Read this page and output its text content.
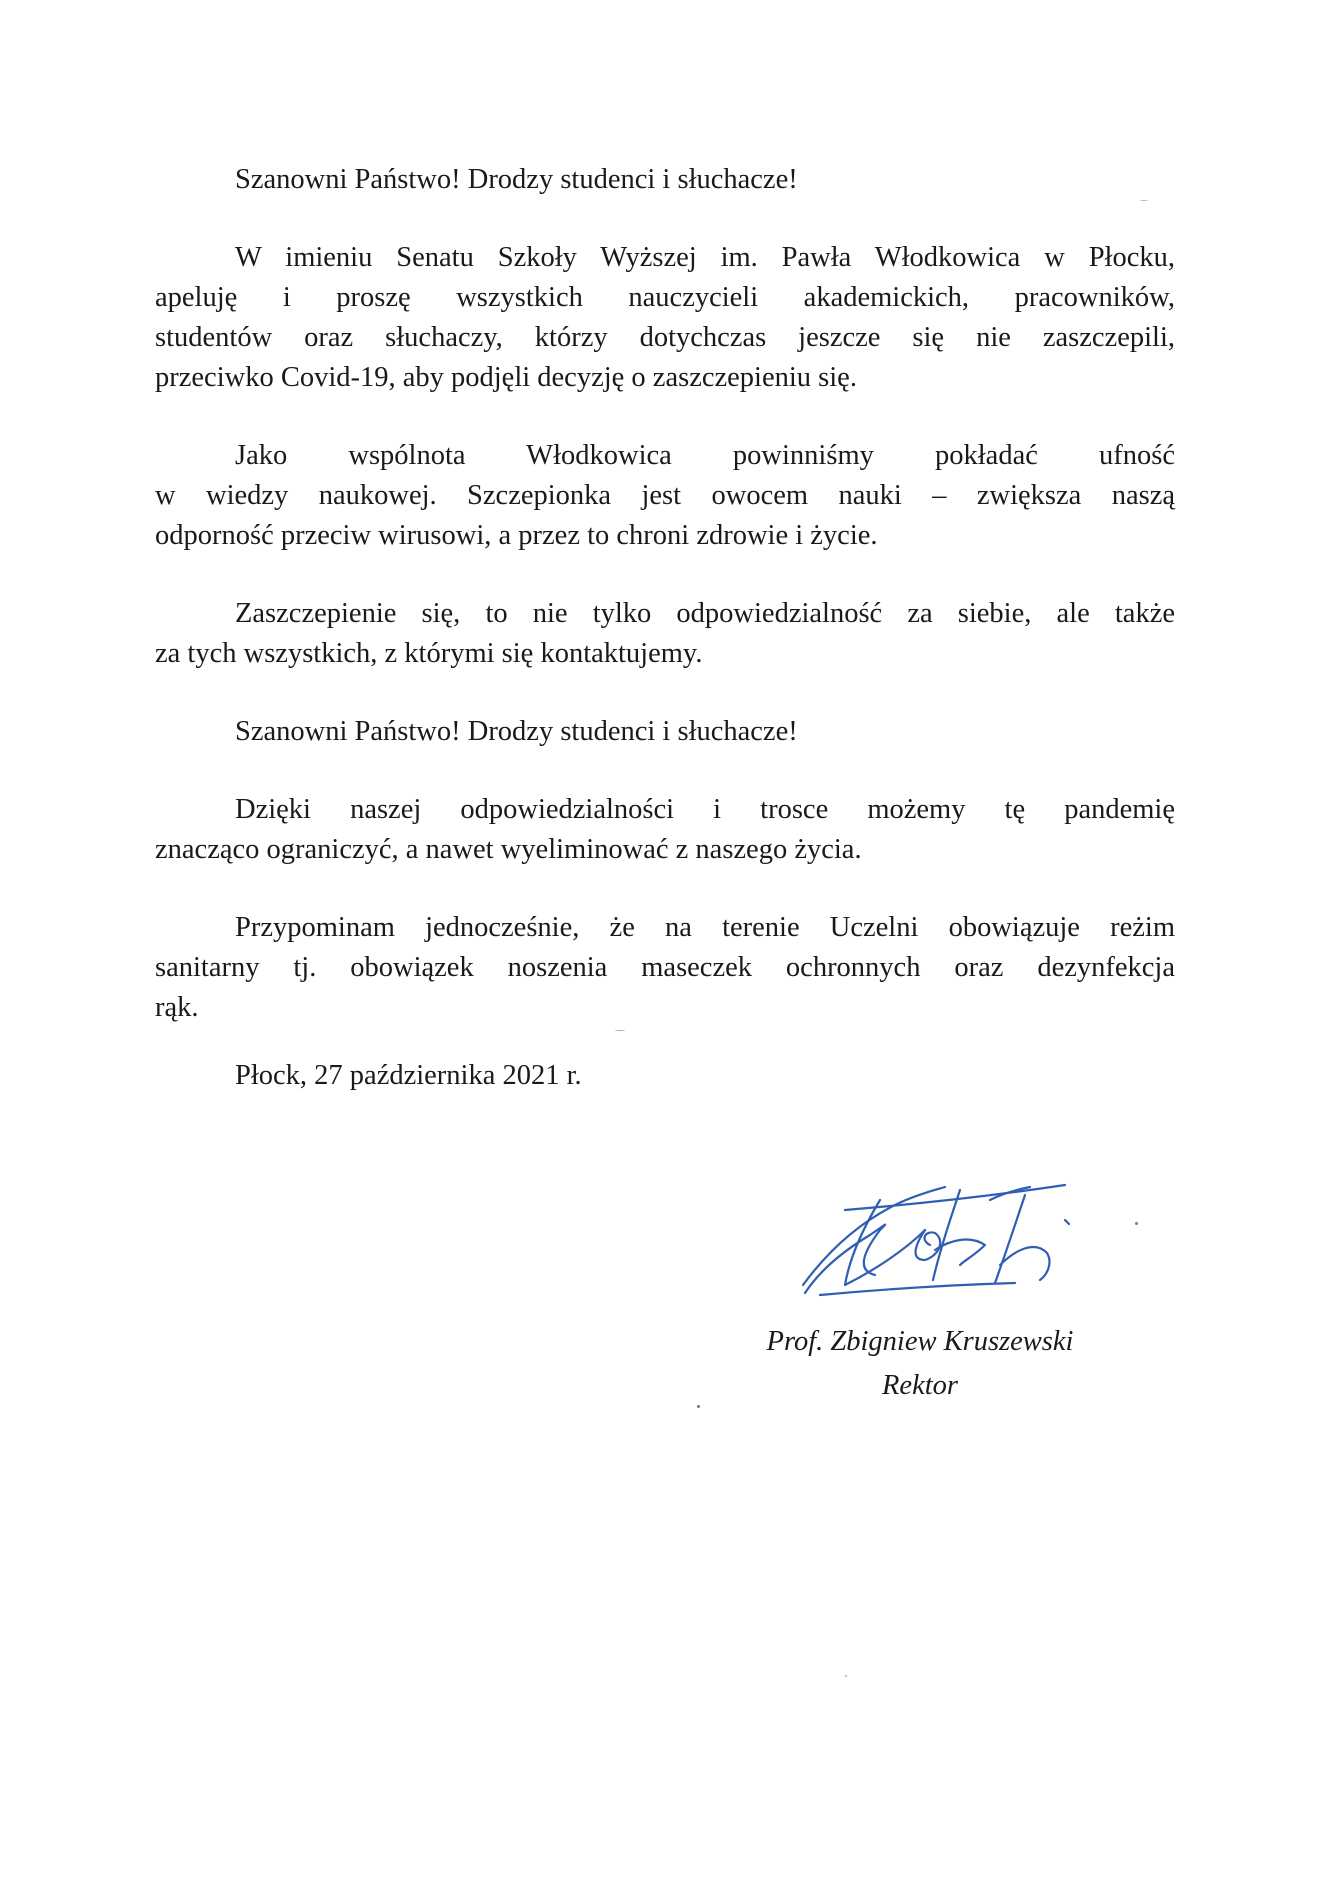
Szanowni Państwo! Drodzy studenci i słuchacze!

W imieniu Senatu Szkoły Wyższej im. Pawła Włodkowica w Płocku,
apeluję i proszę wszystkich nauczycieli akademickich, pracowników,
studentów oraz słuchaczy, którzy dotychczas jeszcze się nie zaszczepili,
przeciwko Covid-19, aby podjęli decyzję o zaszczepieniu się.
Jako wspólnota Włodkowica powinniśmy pokładać ufność
w wiedzy naukowej. Szczepionka jest owocem nauki – zwiększa naszą
odporność przeciw wirusowi, a przez to chroni zdrowie i życie.
Zaszczepienie się, to nie tylko odpowiedzialność za siebie, ale także
za tych wszystkich, z którymi się kontaktujemy.

Szanowni Państwo! Drodzy studenci i słuchacze!

Dzięki naszej odpowiedzialności i trosce możemy tę pandemię
znacząco ograniczyć, a nawet wyeliminować z naszego życia.
Przypominam jednocześnie, że na terenie Uczelni obowiązuje reżim
sanitarny tj. obowiązek noszenia maseczek ochronnych oraz dezynfekcja
rąk.
Płock, 27 października 2021 r.
Prof. Zbigniew Kruszewski
Rektor
